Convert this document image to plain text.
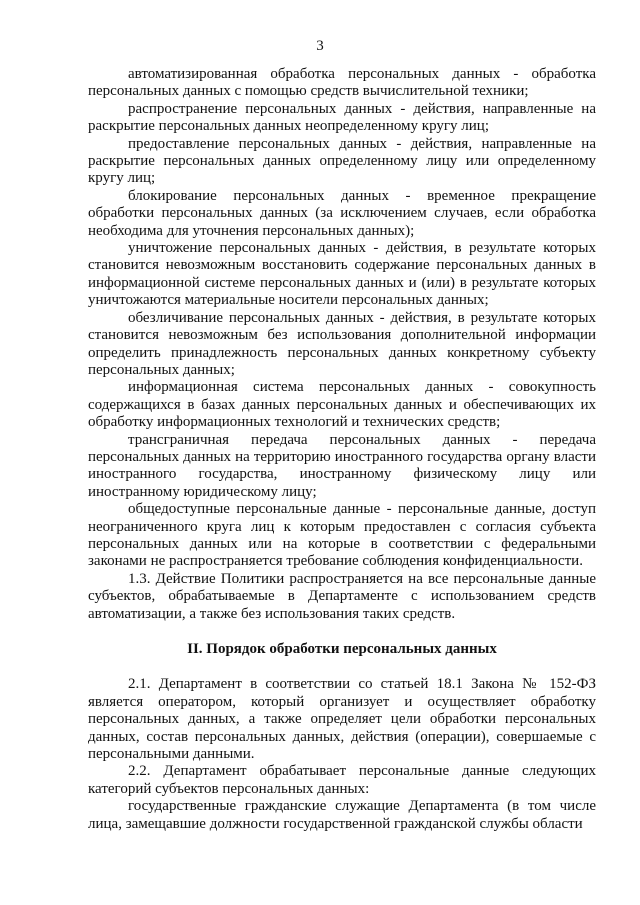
3

автоматизированная обработка персональных данных - обработка персональных данных с помощью средств вычислительной техники;

распространение персональных данных - действия, направленные на раскрытие персональных данных неопределенному кругу лиц;

предоставление персональных данных - действия, направленные на раскрытие персональных данных определенному лицу или определенному кругу лиц;

блокирование персональных данных - временное прекращение обработки персональных данных (за исключением случаев, если обработка необходима для уточнения персональных данных);

уничтожение персональных данных - действия, в результате которых становится невозможным восстановить содержание персональных данных в информационной системе персональных данных и (или) в результате которых уничтожаются материальные носители персональных данных;

обезличивание персональных данных - действия, в результате которых становится невозможным без использования дополнительной информации определить принадлежность персональных данных конкретному субъекту персональных данных;

информационная система персональных данных - совокупность содержащихся в базах данных персональных данных и обеспечивающих их обработку информационных технологий и технических средств;

трансграничная передача персональных данных - передача персональных данных на территорию иностранного государства органу власти иностранного государства, иностранному физическому лицу или иностранному юридическому лицу;

общедоступные персональные данные - персональные данные, доступ неограниченного круга лиц к которым предоставлен с согласия субъекта персональных данных или на которые в соответствии с федеральными законами не распространяется требование соблюдения конфиденциальности.

1.3. Действие Политики распространяется на все персональные данные субъектов, обрабатываемые в Департаменте с использованием средств автоматизации, а также без использования таких средств.

II. Порядок обработки персональных данных

2.1. Департамент в соответствии со статьей 18.1 Закона № 152-ФЗ является оператором, который организует и осуществляет обработку персональных данных, а также определяет цели обработки персональных данных, состав персональных данных, действия (операции), совершаемые с персональными данными.

2.2. Департамент обрабатывает персональные данные следующих категорий субъектов персональных данных:

государственные гражданские служащие Департамента (в том числе лица, замещавшие должности государственной гражданской службы области
